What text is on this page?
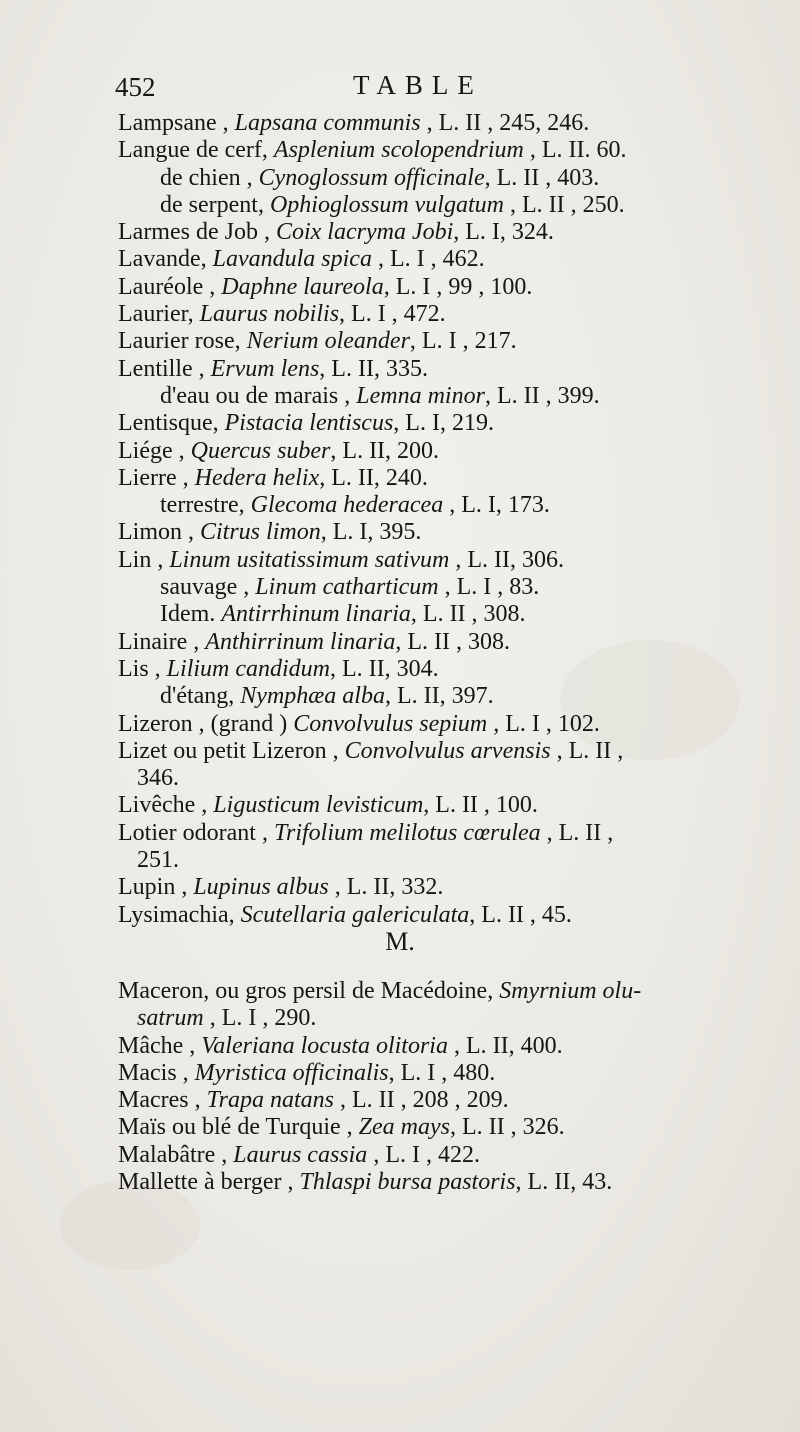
452	TABLE
Lampsane , Lapsana communis , L. II , 245, 246.
Langue de cerf, Asplenium scolopendrium , L. II. 60.
de chien , Cynoglossum officinale, L. II , 403.
de serpent, Ophioglossum vulgatum , L. II , 250.
Larmes de Job , Coix lacryma Jobi, L. I, 324.
Lavande, Lavandula spica , L. I , 462.
Lauréole , Daphne laureola, L. I , 99 , 100.
Laurier, Laurus nobilis, L. I , 472.
Laurier rose, Nerium oleander, L. I , 217.
Lentille , Ervum lens, L. II, 335.
d'eau ou de marais , Lemna minor, L. II , 399.
Lentisque, Pistacia lentiscus, L. I, 219.
Liége , Quercus suber, L. II, 200.
Lierre , Hedera helix, L. II, 240.
terrestre, Glecoma hederacea , L. I, 173.
Limon , Citrus limon, L. I, 395.
Lin , Linum usitatissimum sativum , L. II, 306.
sauvage , Linum catharticum , L. I , 83.
Idem. Antirrhinum linaria, L. II , 308.
Linaire , Anthirrinum linaria, L. II , 308.
Lis , Lilium candidum, L. II, 304.
d'étang, Nymphæa alba, L. II, 397.
Lizeron , (grand ) Convolvulus sepium , L. I , 102.
Lizet ou petit Lizeron , Convolvulus arvensis , L. II ,
346.
Livêche , Ligusticum levisticum, L. II , 100.
Lotier odorant , Trifolium melilotus cœrulea , L. II ,
251.
Lupin , Lupinus albus , L. II, 332.
Lysimachia, Scutellaria galericulata, L. II , 45.
M.
Maceron, ou gros persil de Macédoine, Smyrnium olu-
satrum , L. I , 290.
Mâche , Valeriana locusta olitoria , L. II, 400.
Macis , Myristica officinalis, L. I , 480.
Macres , Trapa natans , L. II , 208 , 209.
Maïs ou blé de Turquie , Zea mays, L. II , 326.
Malabâtre , Laurus cassia , L. I , 422.
Mallette à berger , Thlaspi bursa pastoris, L. II, 43.
